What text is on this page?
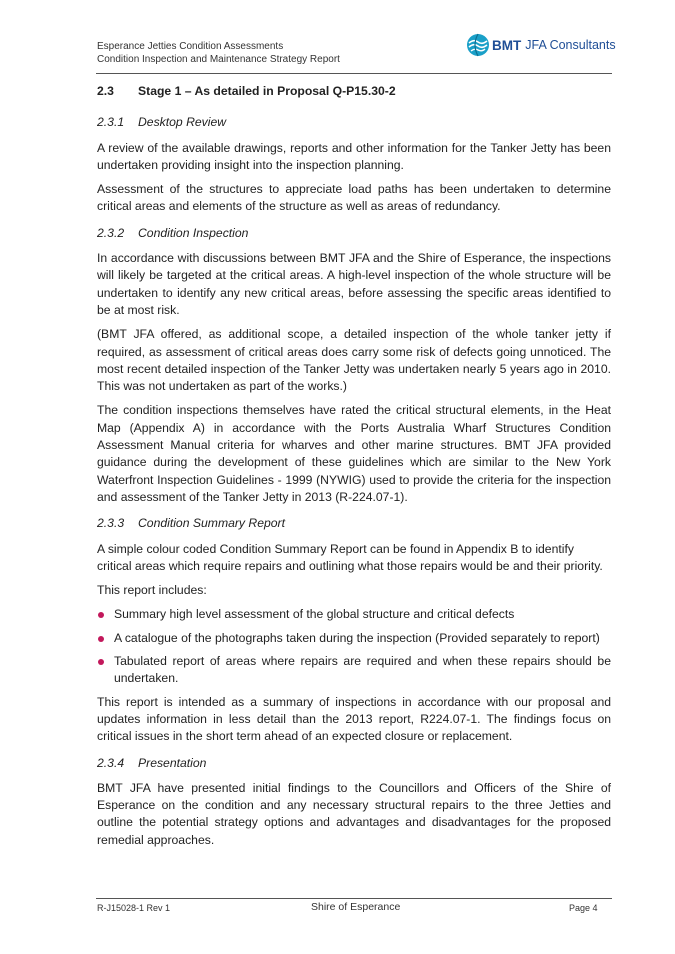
Esperance Jetties Condition Assessments
Condition Inspection and Maintenance Strategy Report
BMT JFA Consultants
2.3 Stage 1 – As detailed in Proposal Q-P15.30-2
2.3.1 Desktop Review

A review of the available drawings, reports and other information for the Tanker Jetty has been undertaken providing insight into the inspection planning.

Assessment of the structures to appreciate load paths has been undertaken to determine critical areas and elements of the structure as well as areas of redundancy.

2.3.2 Condition Inspection

In accordance with discussions between BMT JFA and the Shire of Esperance, the inspections will likely be targeted at the critical areas. A high-level inspection of the whole structure will be undertaken to identify any new critical areas, before assessing the specific areas identified to be at most risk.

(BMT JFA offered, as additional scope, a detailed inspection of the whole tanker jetty if required, as assessment of critical areas does carry some risk of defects going unnoticed. The most recent detailed inspection of the Tanker Jetty was undertaken nearly 5 years ago in 2010. This was not undertaken as part of the works.)

The condition inspections themselves have rated the critical structural elements, in the Heat Map (Appendix A) in accordance with the Ports Australia Wharf Structures Condition Assessment Manual criteria for wharves and other marine structures. BMT JFA provided guidance during the development of these guidelines which are similar to the New York Waterfront Inspection Guidelines - 1999 (NYWIG) used to provide the criteria for the inspection and assessment of the Tanker Jetty in 2013 (R-224.07-1).

2.3.3 Condition Summary Report

A simple colour coded Condition Summary Report can be found in Appendix B to identify critical areas which require repairs and outlining what those repairs would be and their priority.

This report includes:

Summary high level assessment of the global structure and critical defects
A catalogue of the photographs taken during the inspection (Provided separately to report)
Tabulated report of areas where repairs are required and when these repairs should be undertaken.

This report is intended as a summary of inspections in accordance with our proposal and updates information in less detail than the 2013 report, R224.07-1. The findings focus on critical issues in the short term ahead of an expected closure or replacement.

2.3.4 Presentation

BMT JFA have presented initial findings to the Councillors and Officers of the Shire of Esperance on the condition and any necessary structural repairs to the three Jetties and outline the potential strategy options and advantages and disadvantages for the proposed remedial approaches.

R-J15028-1 Rev 1	Shire of Esperance	Page 4
